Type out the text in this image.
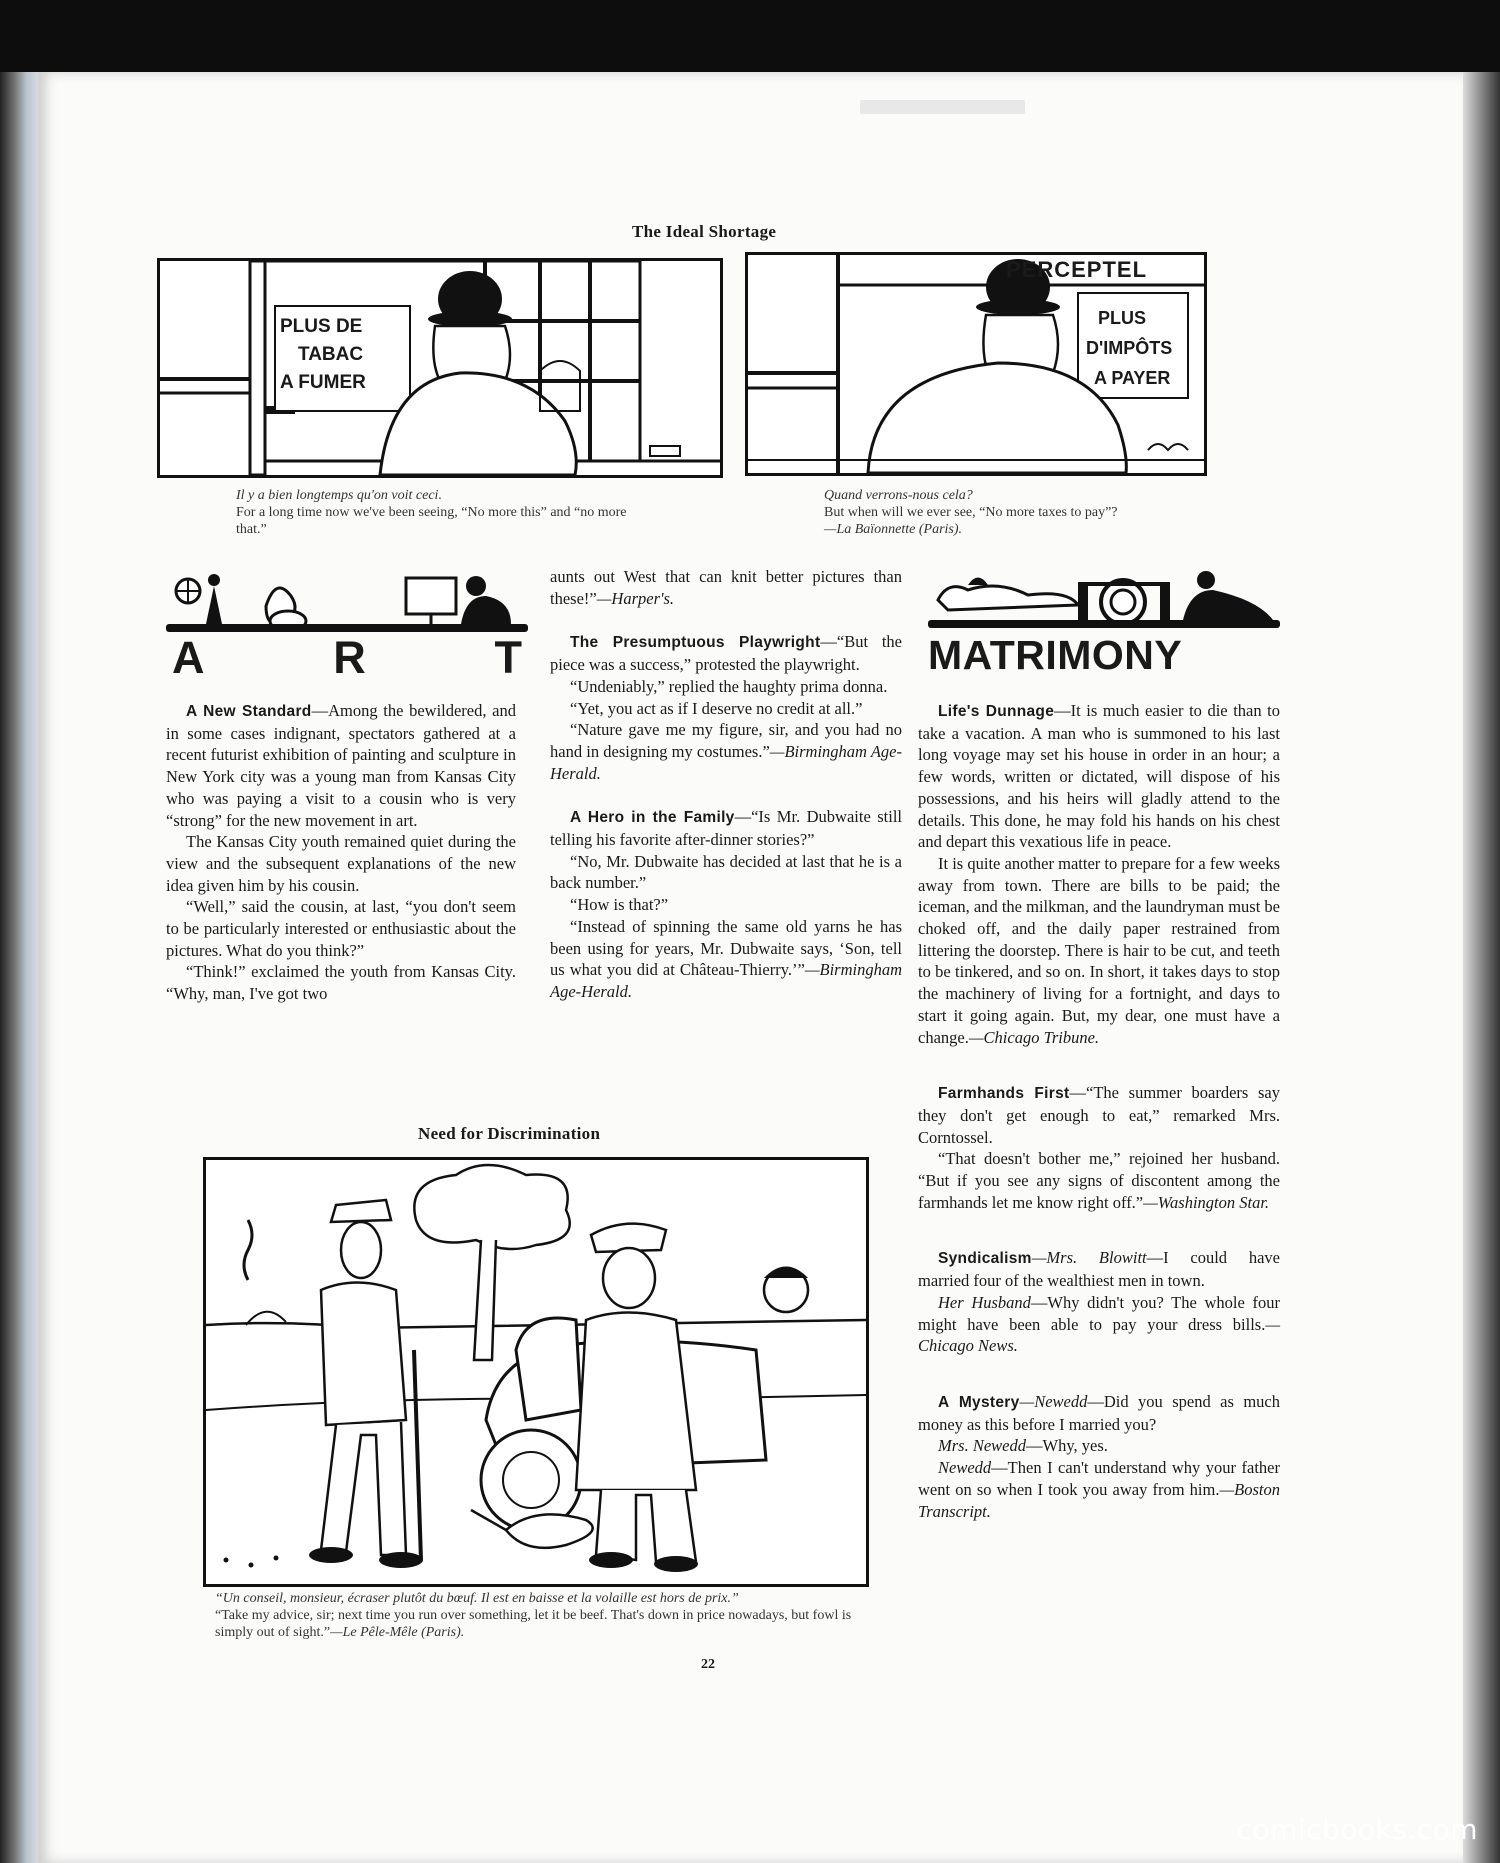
The Ideal Shortage
PLUS DE
TABAC
A FUMER
PERCEPTEL
PLUS
D'IMPÔTS
A PAYER
Il y a bien longtemps qu'on voit ceci.
For a long time now we've been seeing, “No more this” and “no more that.”
Quand verrons-nous cela?
But when will we ever see, “No more taxes to pay”?
—La Baïonnette (Paris).
A	R	T

A New Standard—Among the bewildered, and in some cases indignant, spectators gathered at a recent futurist exhibition of painting and sculpture in New York city was a young man from Kansas City who was paying a visit to a cousin who is very “strong” for the new movement in art.

The Kansas City youth remained quiet during the view and the subsequent explanations of the new idea given him by his cousin.

“Well,” said the cousin, at last, “you don't seem to be particularly interested or enthusiastic about the pictures. What do you think?”

“Think!” exclaimed the youth from Kansas City. “Why, man, I've got two

aunts out West that can knit better pictures than these!”—Harper's.

The Presumptuous Playwright—“But the piece was a success,” protested the playwright.

“Undeniably,” replied the haughty prima donna.

“Yet, you act as if I deserve no credit at all.”

“Nature gave me my figure, sir, and you had no hand in designing my costumes.”—Birmingham Age-Herald.

A Hero in the Family—“Is Mr. Dubwaite still telling his favorite after-dinner stories?”

“No, Mr. Dubwaite has decided at last that he is a back number.”

“How is that?”

“Instead of spinning the same old yarns he has been using for years, Mr. Dubwaite says, ‘Son, tell us what you did at Château-Thierry.’”—Birmingham Age-Herald.

MATRIMONY

Life's Dunnage—It is much easier to die than to take a vacation. A man who is summoned to his last long voyage may set his house in order in an hour; a few words, written or dictated, will dispose of his possessions, and his heirs will gladly attend to the details. This done, he may fold his hands on his chest and depart this vexatious life in peace.

It is quite another matter to prepare for a few weeks away from town. There are bills to be paid; the iceman, and the milkman, and the laundryman must be choked off, and the daily paper restrained from littering the doorstep. There is hair to be cut, and teeth to be tinkered, and so on. In short, it takes days to stop the machinery of living for a fortnight, and days to start it going again. But, my dear, one must have a change.—Chicago Tribune.

Farmhands First—“The summer boarders say they don't get enough to eat,” remarked Mrs. Corntossel.

“That doesn't bother me,” rejoined her husband. “But if you see any signs of discontent among the farmhands let me know right off.”—Washington Star.

Syndicalism—Mrs. Blowitt—I could have married four of the wealthiest men in town.

Her Husband—Why didn't you? The whole four might have been able to pay your dress bills.—Chicago News.

A Mystery—Newedd—Did you spend as much money as this before I married you?

Mrs. Newedd—Why, yes.

Newedd—Then I can't understand why your father went on so when I took you away from him.—Boston Transcript.

Need for Discrimination
“Un conseil, monsieur, écraser plutôt du bœuf. Il est en baisse et la volaille est hors de prix.”
“Take my advice, sir; next time you run over something, let it be beef. That's down in price nowadays, but fowl is simply out of sight.”—Le Pêle-Mêle (Paris).
22
comicbooks.com
